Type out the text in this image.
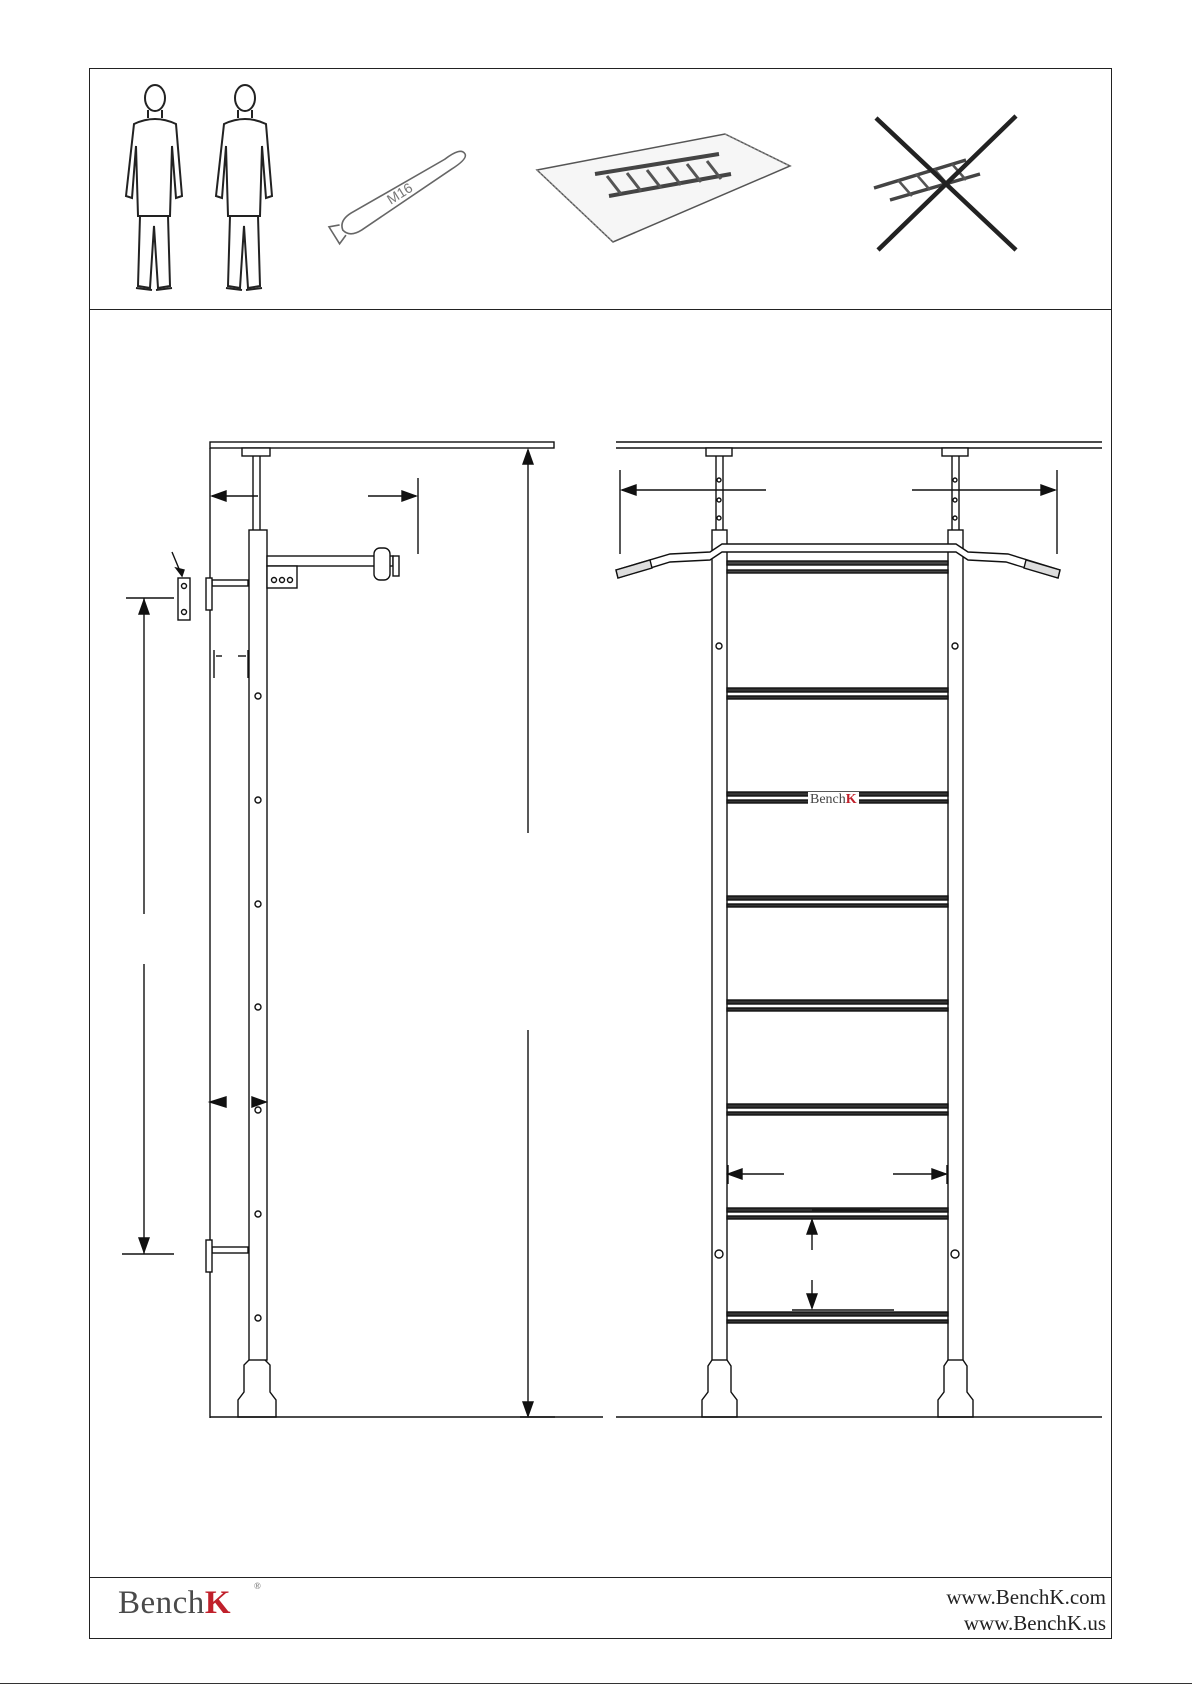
M16
BenchK
BenchK	®	www.BenchK.com
www.BenchK.us
